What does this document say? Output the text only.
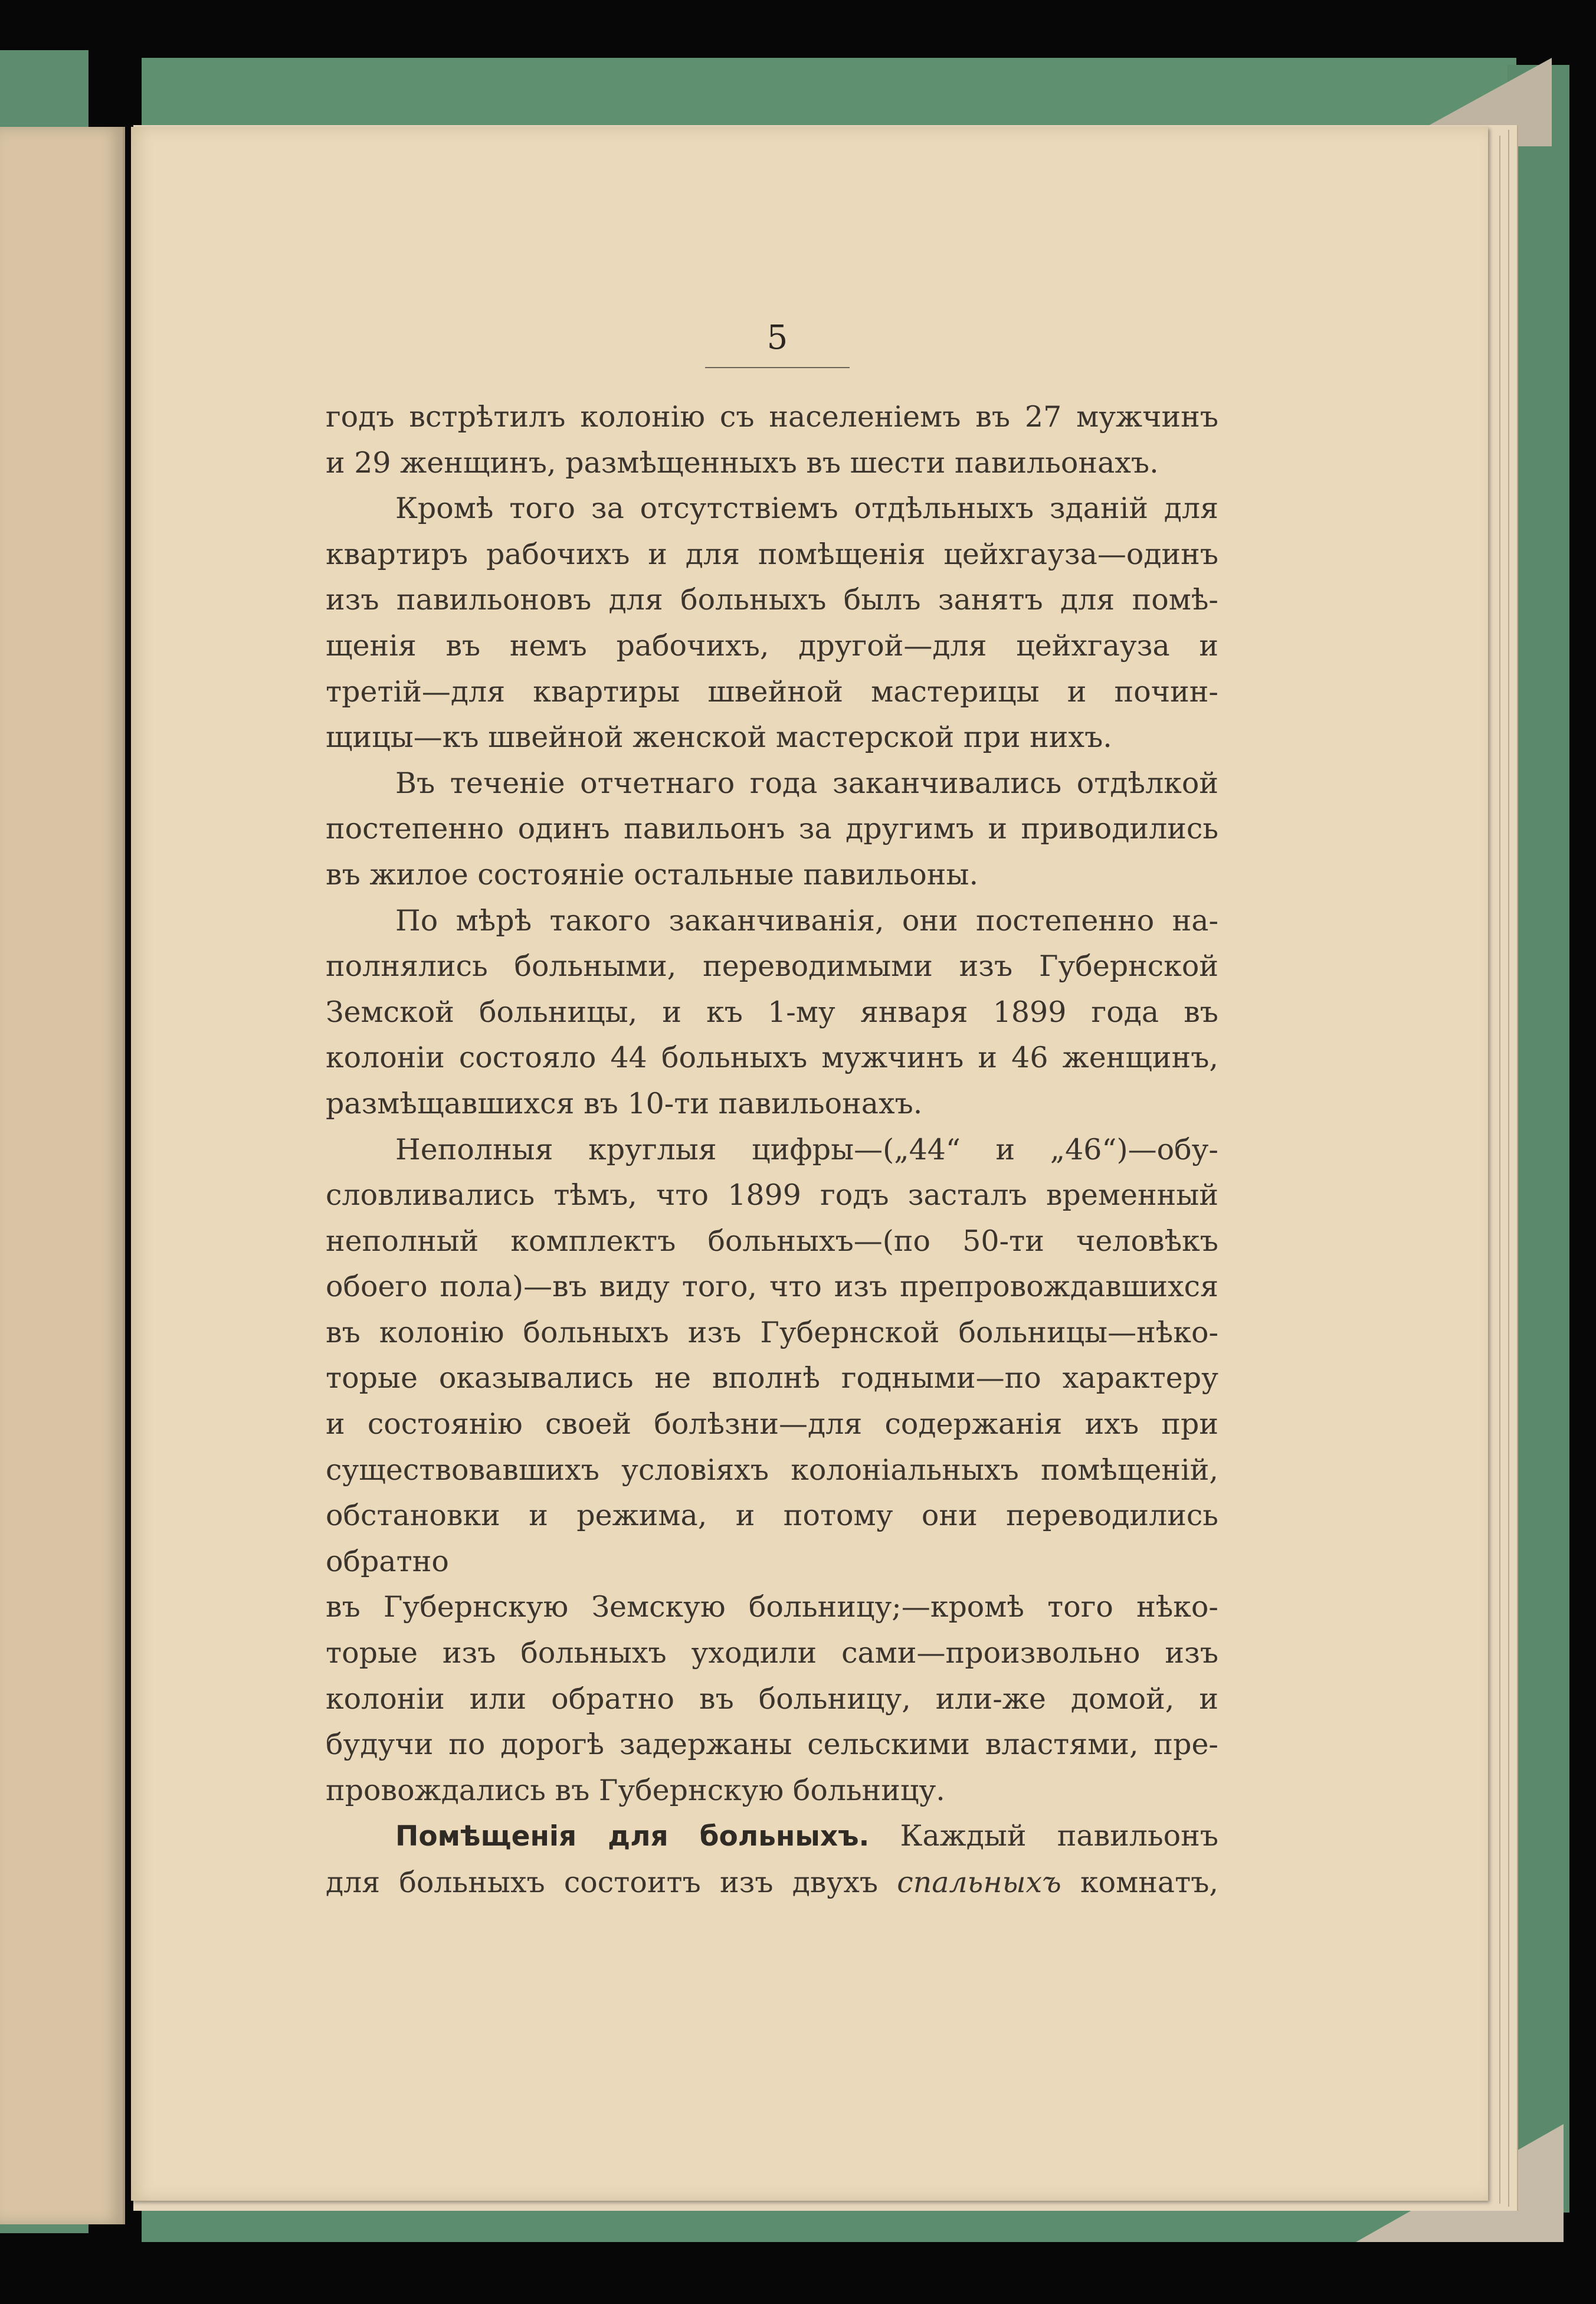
5

годъ встрѣтилъ колонію съ населеніемъ въ 27 мужчинъ

и 29 женщинъ, размѣщенныхъ въ шести павильонахъ.

Кромѣ того за отсутствіемъ отдѣльныхъ зданій для

квартиръ рабочихъ и для помѣщенія цейхгауза—одинъ

изъ павильоновъ для больныхъ былъ занятъ для помѣ-

щенія въ немъ рабочихъ, другой—для цейхгауза и

третій—для квартиры швейной мастерицы и почин-

щицы—къ швейной женской мастерской при нихъ.

Въ теченіе отчетнаго года заканчивались отдѣлкой

постепенно одинъ павильонъ за другимъ и приводились

въ жилое состояніе остальные павильоны.

По мѣрѣ такого заканчиванія, они постепенно на-

полнялись больными, переводимыми изъ Губернской

Земской больницы, и къ 1-му января 1899 года въ

колоніи состояло 44 больныхъ мужчинъ и 46 женщинъ,

размѣщавшихся въ 10-ти павильонахъ.

Неполныя круглыя цифры—(„44“ и „46“)—обу-

словливались тѣмъ, что 1899 годъ засталъ временный

неполный комплектъ больныхъ—(по 50-ти человѣкъ

обоего пола)—въ виду того, что изъ препровождавшихся

въ колонію больныхъ изъ Губернской больницы—нѣко-

торые оказывались не вполнѣ годными—по характеру

и состоянію своей болѣзни—для содержанія ихъ при

существовавшихъ условіяхъ колоніальныхъ помѣщеній,

обстановки и режима, и потому они переводились обратно

въ Губернскую Земскую больницу;—кромѣ того нѣко-

торые изъ больныхъ уходили сами—произвольно изъ

колоніи или обратно въ больницу, или-же домой, и

будучи по дорогѣ задержаны сельскими властями, пре-

провождались въ Губернскую больницу.

Помѣщенія для больныхъ. Каждый павильонъ

для больныхъ состоитъ изъ двухъ спальныхъ комнатъ,
